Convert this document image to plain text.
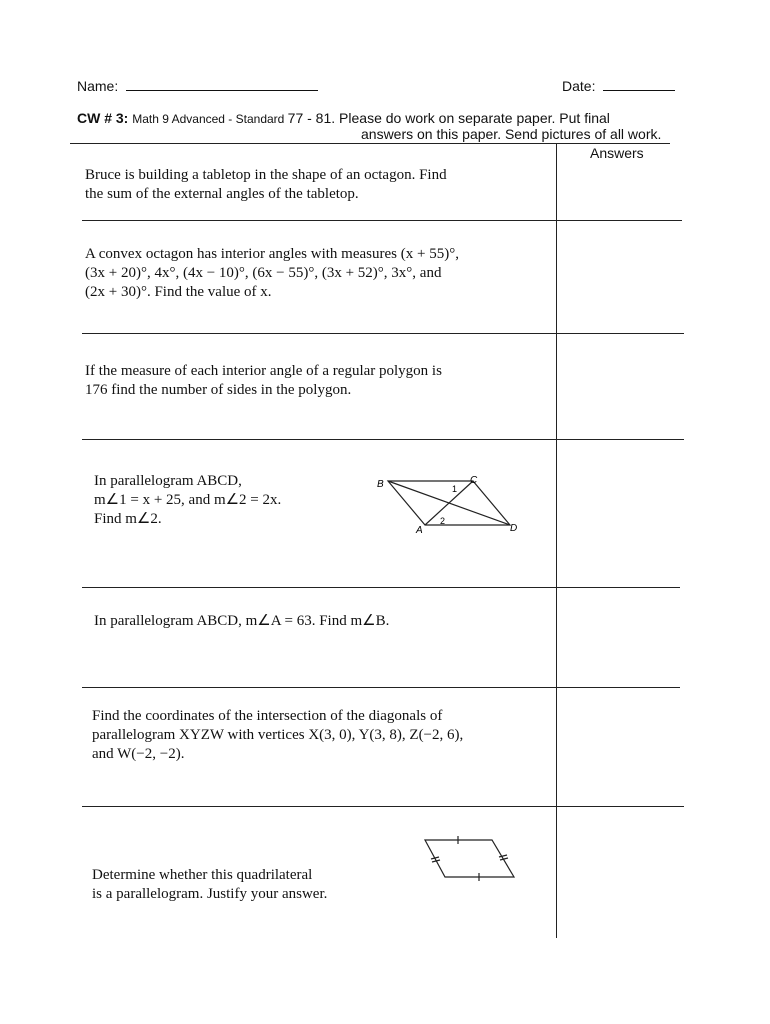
Name:	Date:
CW # 3: Math 9 Advanced - Standard 77 - 81. Please do work on separate paper. Put final
answers on this paper. Send pictures of all work.
Answers
Bruce is building a tabletop in the shape of an octagon. Find
the sum of the external angles of the tabletop.
A convex octagon has interior angles with measures (x + 55)°,
(3x + 20)°, 4x°, (4x − 10)°, (6x − 55)°, (3x + 52)°, 3x°, and
(2x + 30)°. Find the value of x.
If the measure of each interior angle of a regular polygon is
176 find the number of sides in the polygon.
In parallelogram ABCD,
m∠1 = x + 25, and m∠2 = 2x.
Find m∠2.
B	C
A	D
1
2
In parallelogram ABCD, m∠A = 63. Find m∠B.
Find the coordinates of the intersection of the diagonals of
parallelogram XYZW with vertices X(3, 0), Y(3, 8), Z(−2, 6),
and W(−2, −2).
Determine whether this quadrilateral
is a parallelogram. Justify your answer.
